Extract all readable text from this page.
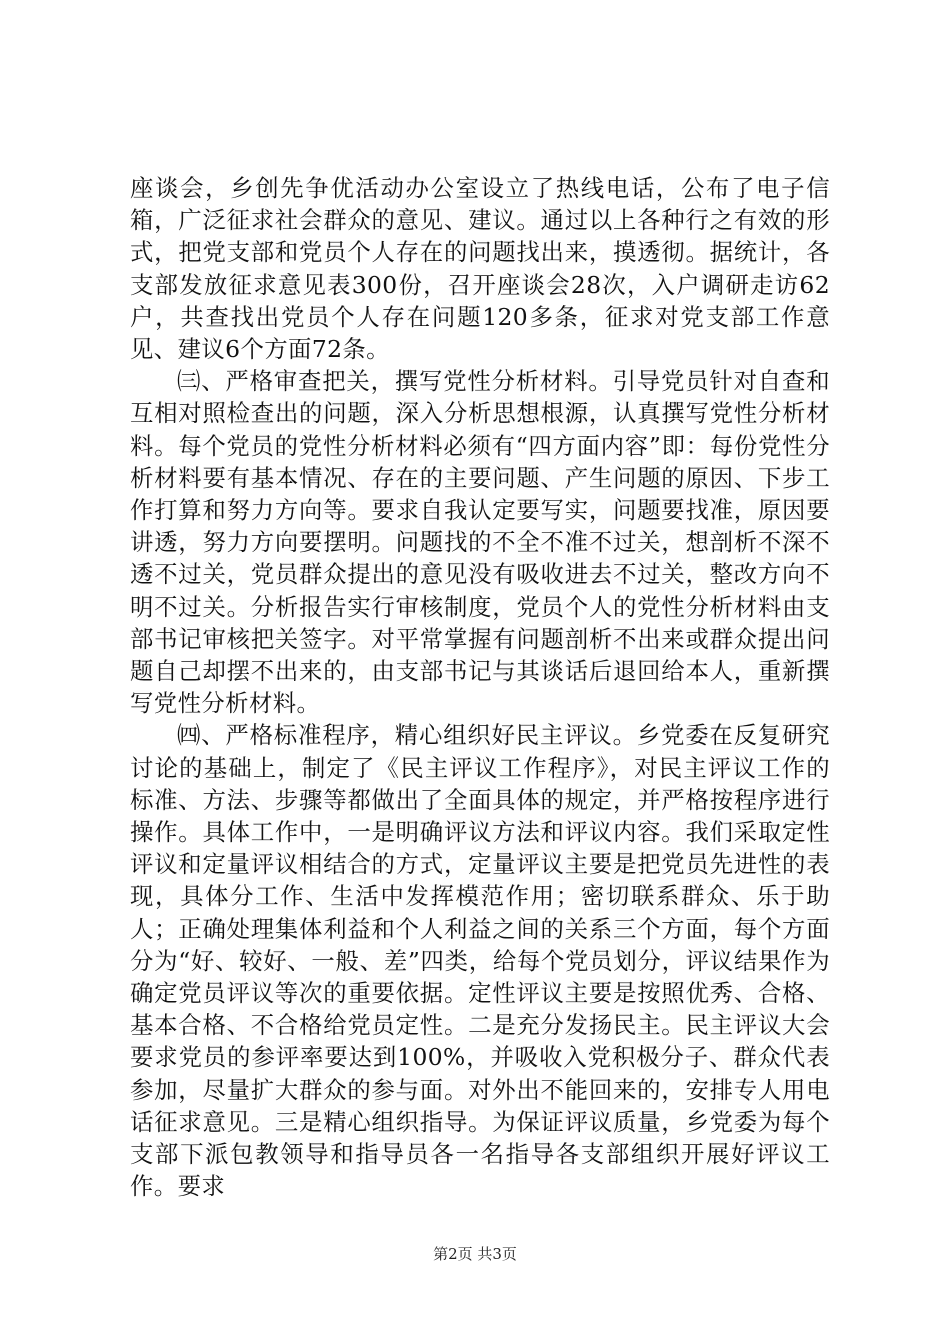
座谈会，乡创先争优活动办公室设立了热线电话，公布了电子信箱，广泛征求社会群众的意见、建议。通过以上各种行之有效的形式，把党支部和党员个人存在的问题找出来，摸透彻。据统计，各支部发放征求意见表300份，召开座谈会28次，入户调研走访62户，共查找出党员个人存在问题120多条，征求对党支部工作意见、建议6个方面72条。

㈢、严格审查把关，撰写党性分析材料。引导党员针对自查和互相对照检查出的问题，深入分析思想根源，认真撰写党性分析材料。每个党员的党性分析材料必须有“四方面内容”即：每份党性分析材料要有基本情况、存在的主要问题、产生问题的原因、下步工作打算和努力方向等。要求自我认定要写实，问题要找准，原因要讲透，努力方向要摆明。问题找的不全不准不过关，想剖析不深不透不过关，党员群众提出的意见没有吸收进去不过关，整改方向不明不过关。分析报告实行审核制度，党员个人的党性分析材料由支部书记审核把关签字。对平常掌握有问题剖析不出来或群众提出问题自己却摆不出来的，由支部书记与其谈话后退回给本人，重新撰写党性分析材料。

㈣、严格标准程序，精心组织好民主评议。乡党委在反复研究讨论的基础上，制定了《民主评议工作程序》，对民主评议工作的标准、方法、步骤等都做出了全面具体的规定，并严格按程序进行操作。具体工作中，一是明确评议方法和评议内容。我们采取定性评议和定量评议相结合的方式，定量评议主要是把党员先进性的表现，具体分工作、生活中发挥模范作用；密切联系群众、乐于助人；正确处理集体利益和个人利益之间的关系三个方面，每个方面分为“好、较好、一般、差”四类，给每个党员划分，评议结果作为确定党员评议等次的重要依据。定性评议主要是按照优秀、合格、基本合格、不合格给党员定性。二是充分发扬民主。民主评议大会要求党员的参评率要达到100%，并吸收入党积极分子、群众代表参加，尽量扩大群众的参与面。对外出不能回来的，安排专人用电话征求意见。三是精心组织指导。为保证评议质量，乡党委为每个支部下派包教领导和指导员各一名指导各支部组织开展好评议工作。要求

第2页 共3页
